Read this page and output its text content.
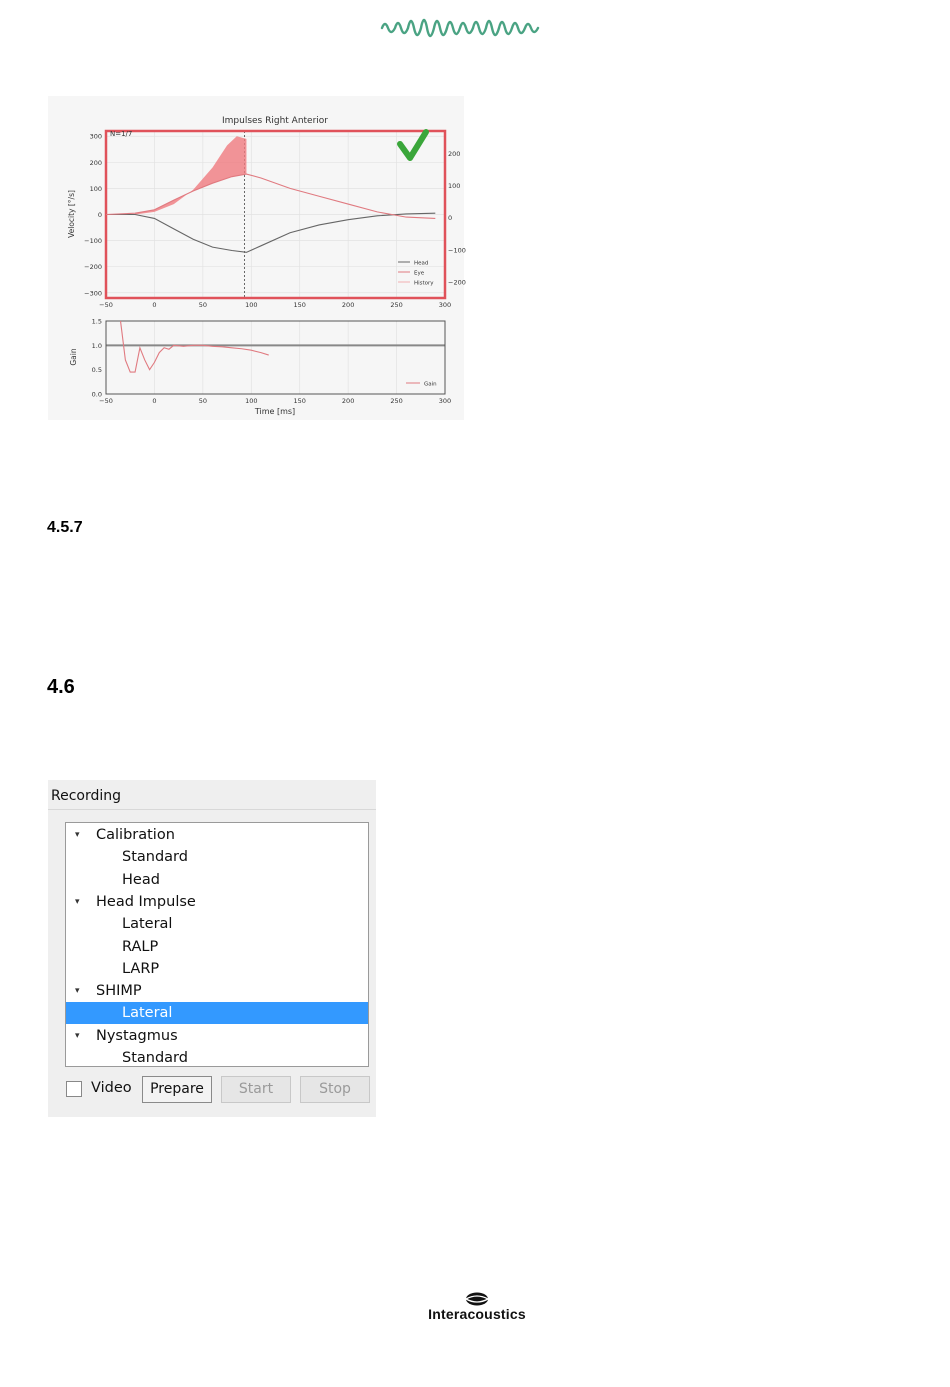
Impulses Right Anterior
N=1/7
Velocity [°/s]
Gain
Time [ms]
300
200
100
0
−100
−200
−300
200
100
0
−100
−200
−50	0	50	100	150	200	250	300
1.5
1.0
0.5
0.0
−50	0	50	100	150	200	250	300
Head
Eye
History
Gain
4.5.7
4.6
Recording
▾ Calibration
Standard
Head
▾ Head Impulse
Lateral
RALP
LARP
▾ SHIMP
Lateral
▾ Nystagmus
Standard
Video	Prepare	Start	Stop
Interacoustics
